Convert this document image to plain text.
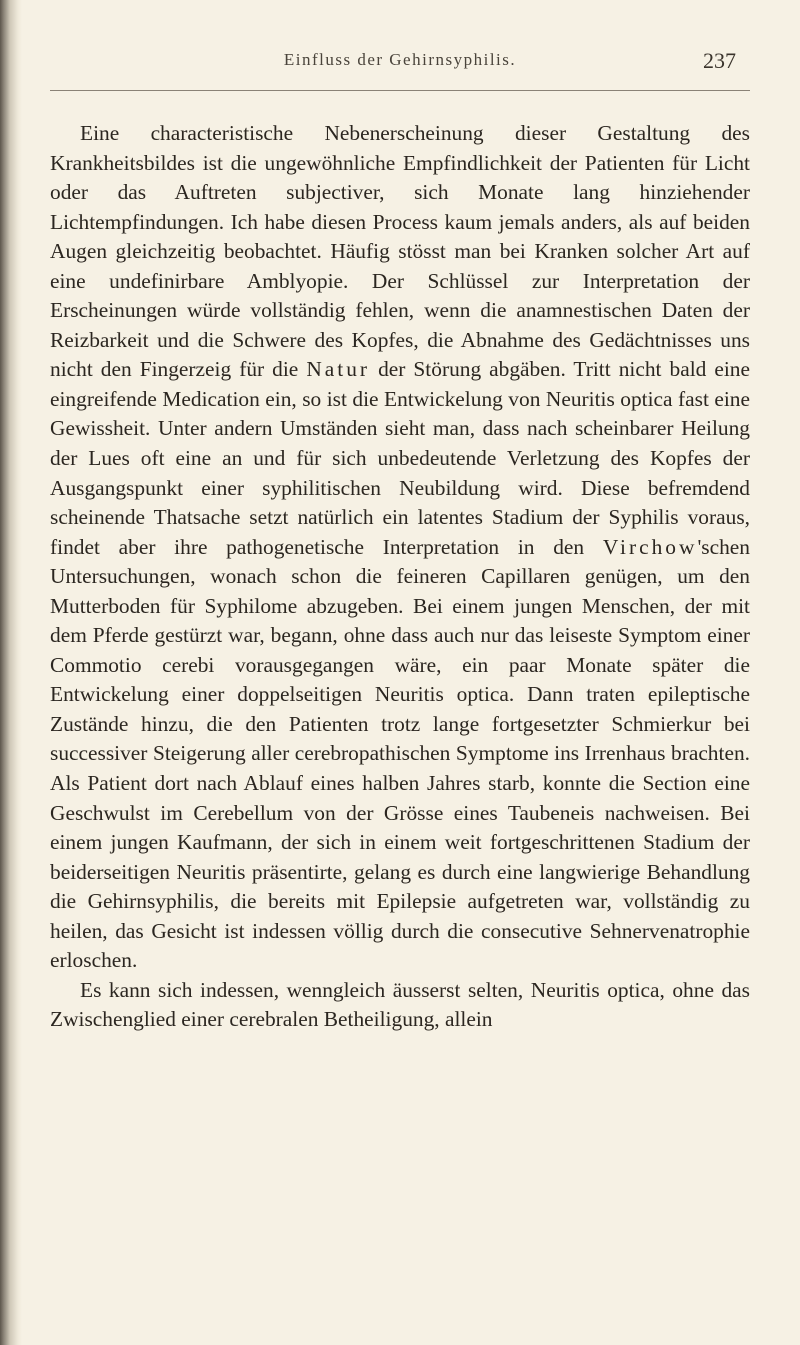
Einfluss der Gehirnsyphilis.	237

Eine characteristische Nebenerscheinung dieser Gestaltung des Krankheitsbildes ist die ungewöhnliche Empfindlichkeit der Patienten für Licht oder das Auftreten subjectiver, sich Monate lang hinziehender Lichtempfindungen. Ich habe diesen Process kaum jemals anders, als auf beiden Augen gleichzeitig beobachtet. Häufig stösst man bei Kranken solcher Art auf eine undefinirbare Amblyopie. Der Schlüssel zur Interpretation der Erscheinungen würde vollständig fehlen, wenn die anamnestischen Daten der Reizbarkeit und die Schwere des Kopfes, die Abnahme des Gedächtnisses uns nicht den Fingerzeig für die Natur der Störung abgäben. Tritt nicht bald eine eingreifende Medication ein, so ist die Entwickelung von Neuritis optica fast eine Gewissheit. Unter andern Umständen sieht man, dass nach scheinbarer Heilung der Lues oft eine an und für sich unbedeutende Verletzung des Kopfes der Ausgangspunkt einer syphilitischen Neubildung wird. Diese befremdend scheinende Thatsache setzt natürlich ein latentes Stadium der Syphilis voraus, findet aber ihre pathogenetische Interpretation in den Virchow'schen Untersuchungen, wonach schon die feineren Capillaren genügen, um den Mutterboden für Syphilome abzugeben. Bei einem jungen Menschen, der mit dem Pferde gestürzt war, begann, ohne dass auch nur das leiseste Symptom einer Commotio cerebi vorausgegangen wäre, ein paar Monate später die Entwickelung einer doppelseitigen Neuritis optica. Dann traten epileptische Zustände hinzu, die den Patienten trotz lange fortgesetzter Schmierkur bei successiver Steigerung aller cerebropathischen Symptome ins Irrenhaus brachten. Als Patient dort nach Ablauf eines halben Jahres starb, konnte die Section eine Geschwulst im Cerebellum von der Grösse eines Taubeneis nachweisen. Bei einem jungen Kaufmann, der sich in einem weit fortgeschrittenen Stadium der beiderseitigen Neuritis präsentirte, gelang es durch eine langwierige Behandlung die Gehirnsyphilis, die bereits mit Epilepsie aufgetreten war, vollständig zu heilen, das Gesicht ist indessen völlig durch die consecutive Sehnervenatrophie erloschen.

Es kann sich indessen, wenngleich äusserst selten, Neuritis optica, ohne das Zwischenglied einer cerebralen Betheiligung, allein
